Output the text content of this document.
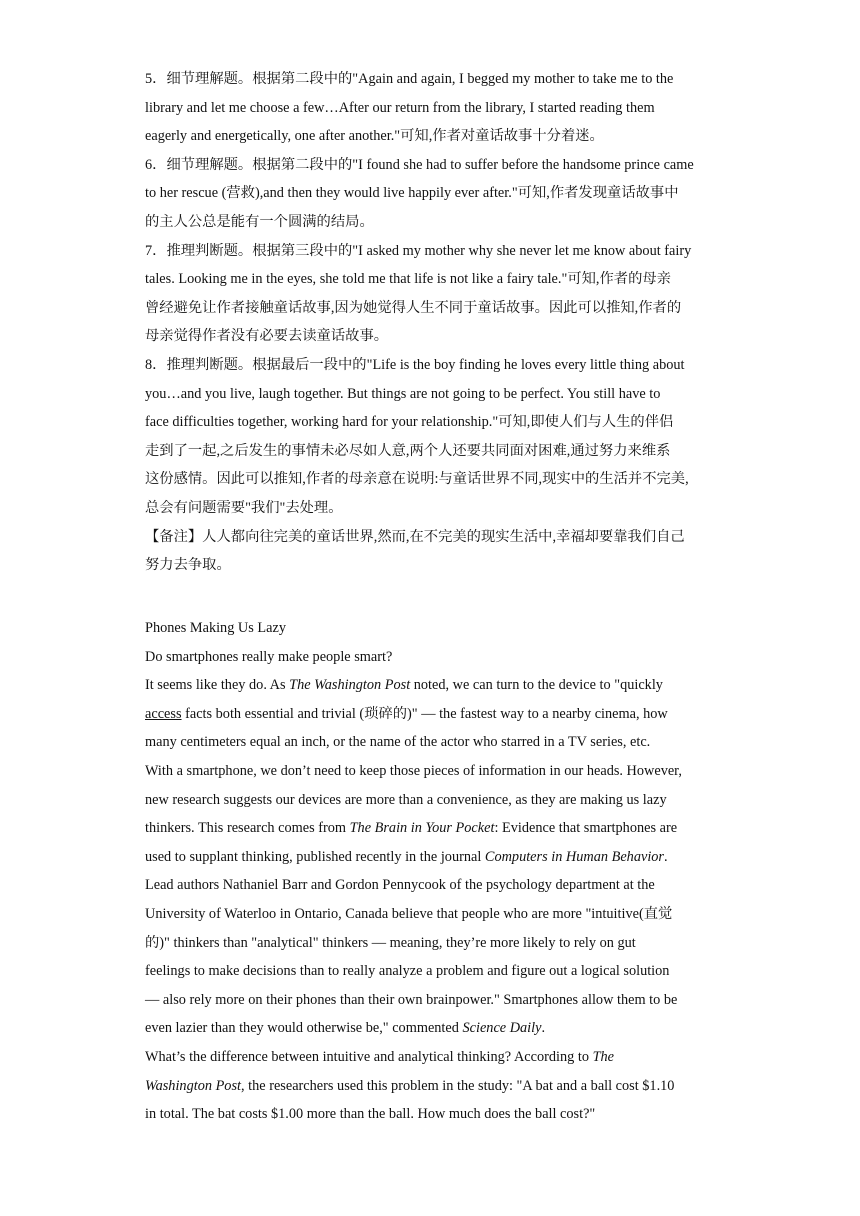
5．细节理解题。根据第二段中的"Again and again, I begged my mother to take me to the
library and let me choose a few…After our return from the library, I started reading them
eagerly and energetically, one after another."可知,作者对童话故事十分着迷。
6．细节理解题。根据第二段中的"I found she had to suffer before the handsome prince came
to her rescue (营救),and then they would live happily ever after."可知,作者发现童话故事中
的主人公总是能有一个圆满的结局。
7．推理判断题。根据第三段中的"I asked my mother why she never let me know about fairy
tales. Looking me in the eyes, she told me that life is not like a fairy tale."可知,作者的母亲
曾经避免让作者接触童话故事,因为她觉得人生不同于童话故事。因此可以推知,作者的
母亲觉得作者没有必要去读童话故事。
8．推理判断题。根据最后一段中的"Life is the boy finding he loves every little thing about
you…and you live, laugh together. But things are not going to be perfect. You still have to
face difficulties together, working hard for your relationship."可知,即使人们与人生的伴侣
走到了一起,之后发生的事情未必尽如人意,两个人还要共同面对困难,通过努力来维系
这份感情。因此可以推知,作者的母亲意在说明:与童话世界不同,现实中的生活并不完美,
总会有问题需要"我们"去处理。
【备注】人人都向往完美的童话世界,然而,在不完美的现实生活中,幸福却要靠我们自己
努力去争取。
Phones Making Us Lazy
Do smartphones really make people smart?
It seems like they do. As The Washington Post noted, we can turn to the device to "quickly
access facts both essential and trivial (琐碎的)" — the fastest way to a nearby cinema, how
many centimeters equal an inch, or the name of the actor who starred in a TV series, etc.
With a smartphone, we don’t need to keep those pieces of information in our heads. However,
new research suggests our devices are more than a convenience, as they are making us lazy
thinkers. This research comes from The Brain in Your Pocket: Evidence that smartphones are
used to supplant thinking, published recently in the journal Computers in Human Behavior.
Lead authors Nathaniel Barr and Gordon Pennycook of the psychology department at the
University of Waterloo in Ontario, Canada believe that people who are more "intuitive(直觉
的)" thinkers than "analytical" thinkers — meaning, they’re more likely to rely on gut
feelings to make decisions than to really analyze a problem and figure out a logical solution
— also rely more on their phones than their own brainpower." Smartphones allow them to be
even lazier than they would otherwise be," commented Science Daily.
What’s the difference between intuitive and analytical thinking? According to The
Washington Post, the researchers used this problem in the study: "A bat and a ball cost $1.10
in total. The bat costs $1.00 more than the ball. How much does the ball cost?"
